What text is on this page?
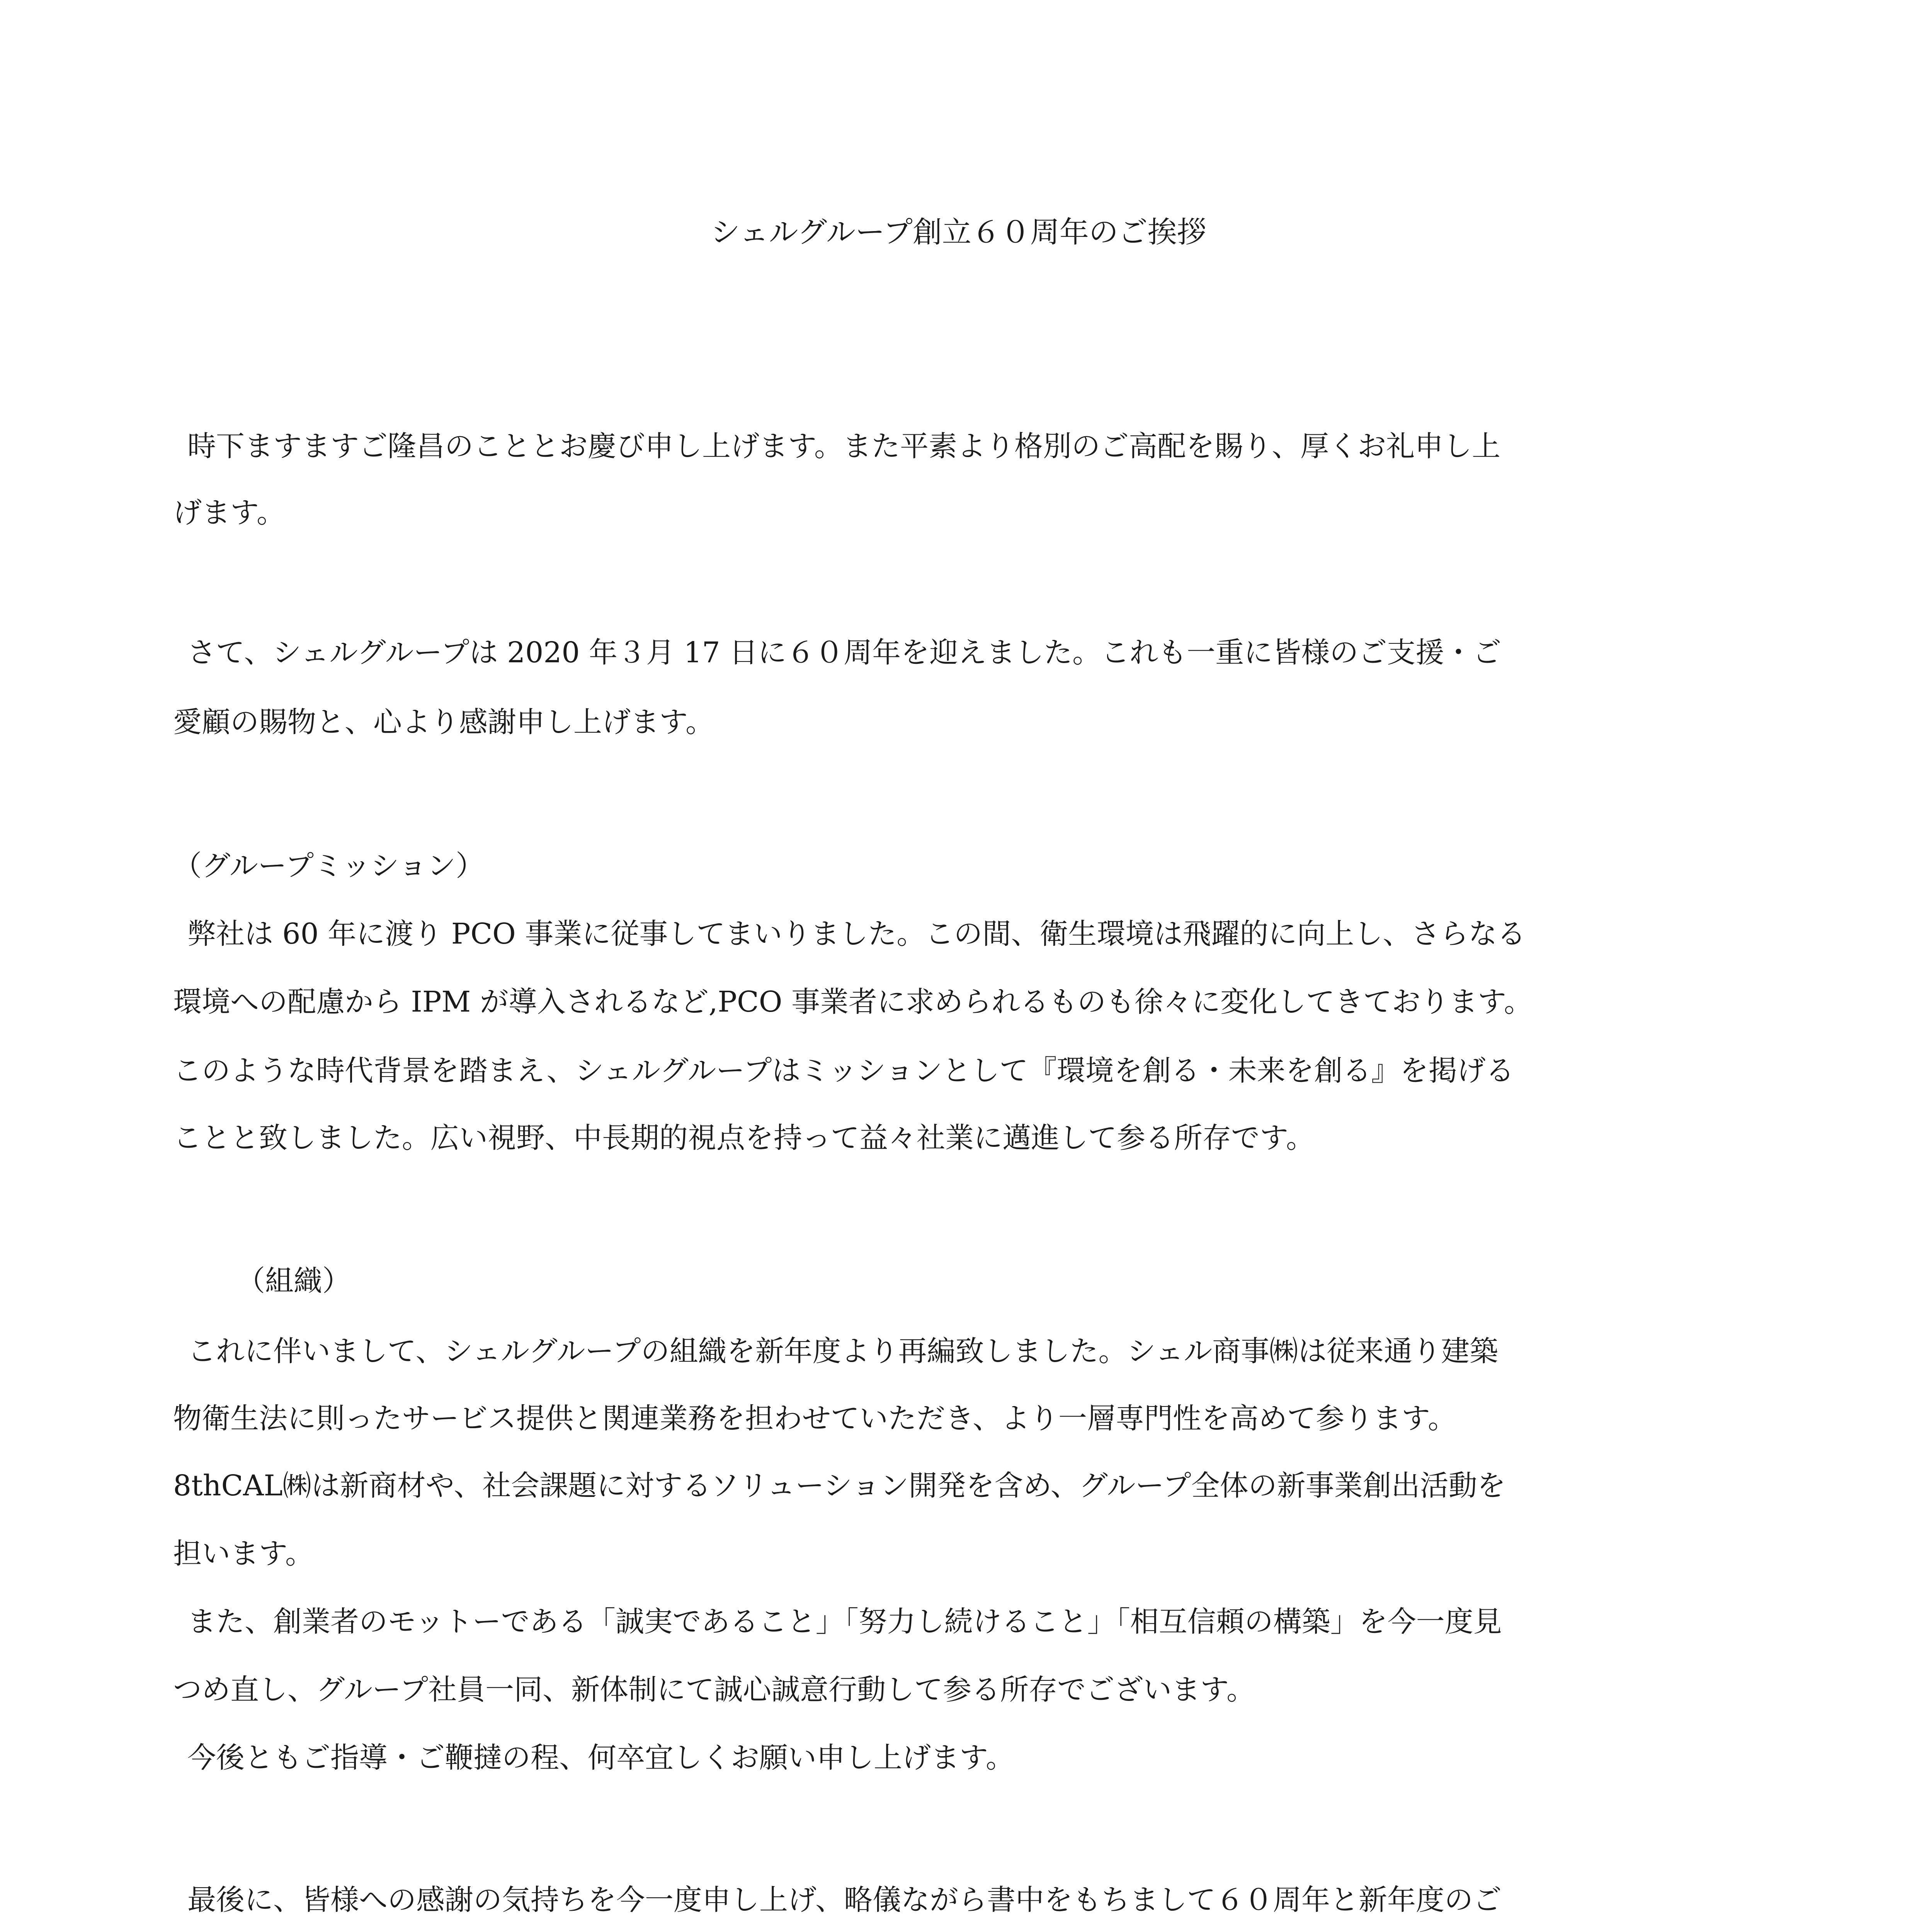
シェルグループ創立６０周年のご挨拶
時下ますますご隆昌のこととお慶び申し上げます。また平素より格別のご高配を賜り、厚くお礼申し上
げます。
さて、シェルグループは 2020 年３月 17 日に６０周年を迎えました。これも一重に皆様のご支援・ご
愛顧の賜物と、心より感謝申し上げます。
（グループミッション）
弊社は 60 年に渡り PCO 事業に従事してまいりました。この間、衛生環境は飛躍的に向上し、さらなる
環境への配慮から IPM が導入されるなど,PCO 事業者に求められるものも徐々に変化してきております。
このような時代背景を踏まえ、シェルグループはミッションとして『環境を創る・未来を創る』を掲げる
ことと致しました。広い視野、中長期的視点を持って益々社業に邁進して参る所存です。
（組織）
これに伴いまして、シェルグループの組織を新年度より再編致しました。シェル商事㈱は従来通り建築
物衛生法に則ったサービス提供と関連業務を担わせていただき、より一層専門性を高めて参ります。
8thCAL㈱は新商材や、社会課題に対するソリューション開発を含め、グループ全体の新事業創出活動を
担います。
また、創業者のモットーである「誠実であること」「努力し続けること」「相互信頼の構築」を今一度見
つめ直し、グループ社員一同、新体制にて誠心誠意行動して参る所存でございます。
今後ともご指導・ご鞭撻の程、何卒宜しくお願い申し上げます。
最後に、皆様への感謝の気持ちを今一度申し上げ、略儀ながら書中をもちまして６０周年と新年度のご
